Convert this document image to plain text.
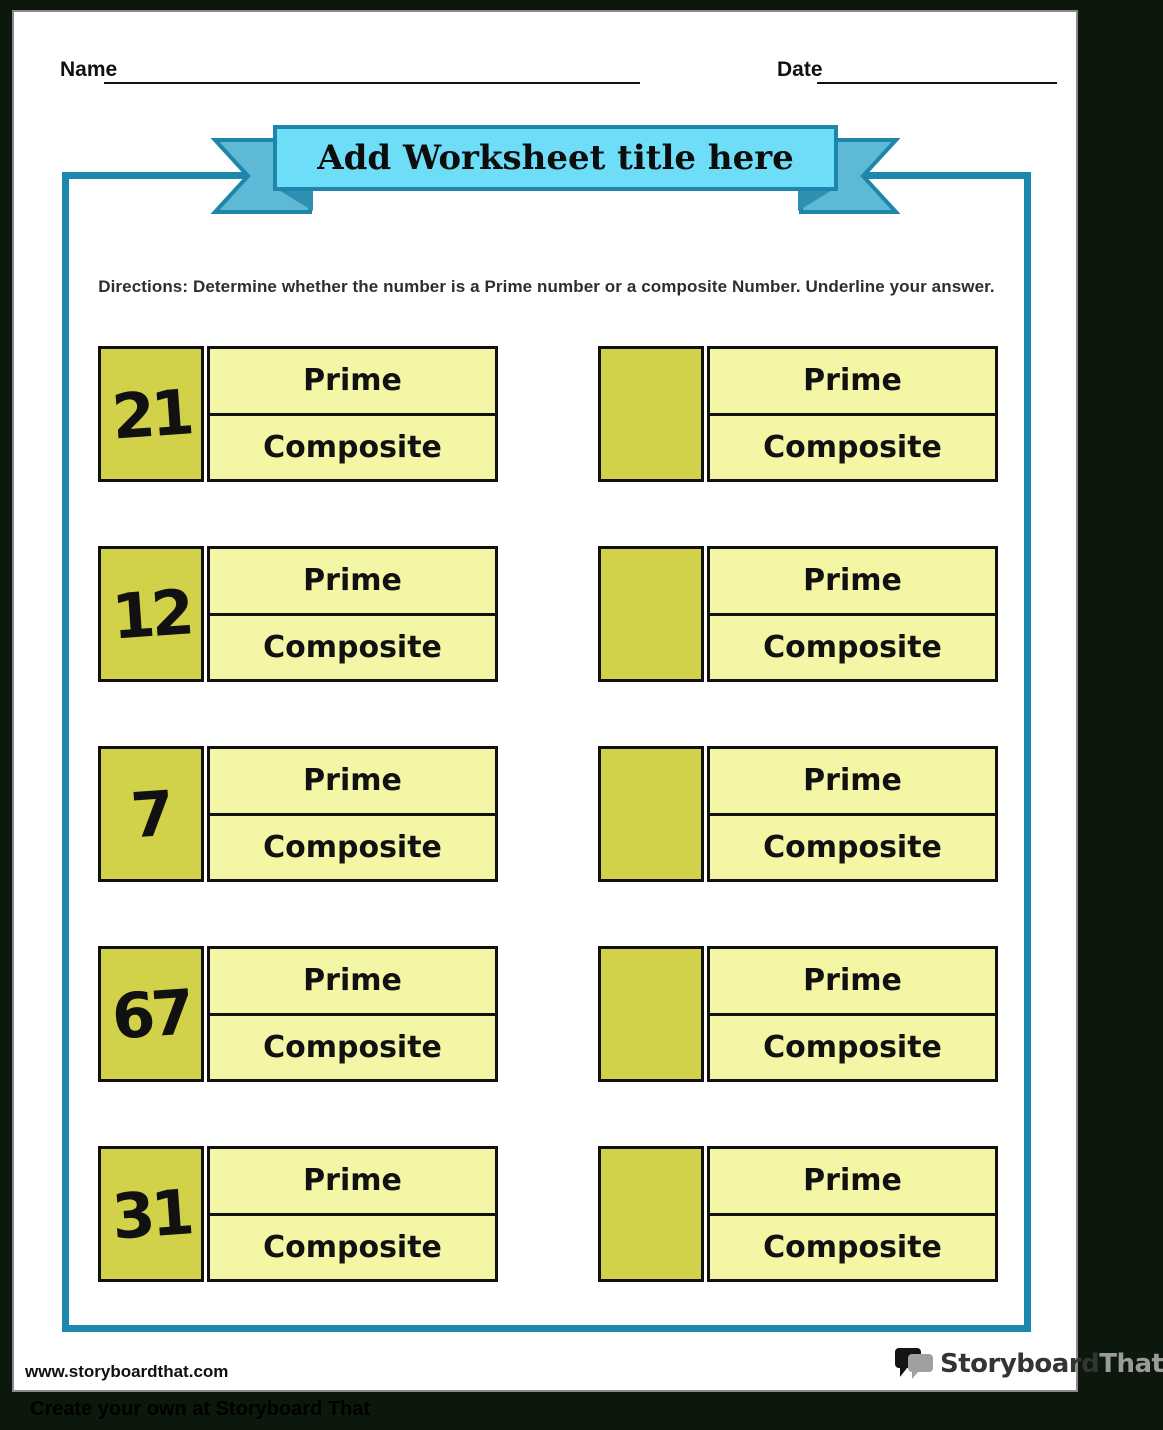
Name	Date
Add Worksheet title here
Directions: Determine whether the number is a Prime number or a composite Number. Underline your answer.
21	Prime
Composite
Prime
Composite
12	Prime
Composite
Prime
Composite
7	Prime
Composite
Prime
Composite
67	Prime
Composite
Prime
Composite
31	Prime
Composite
Prime
Composite
www.storyboardthat.com	StoryboardThat
Create your own at Storyboard That
